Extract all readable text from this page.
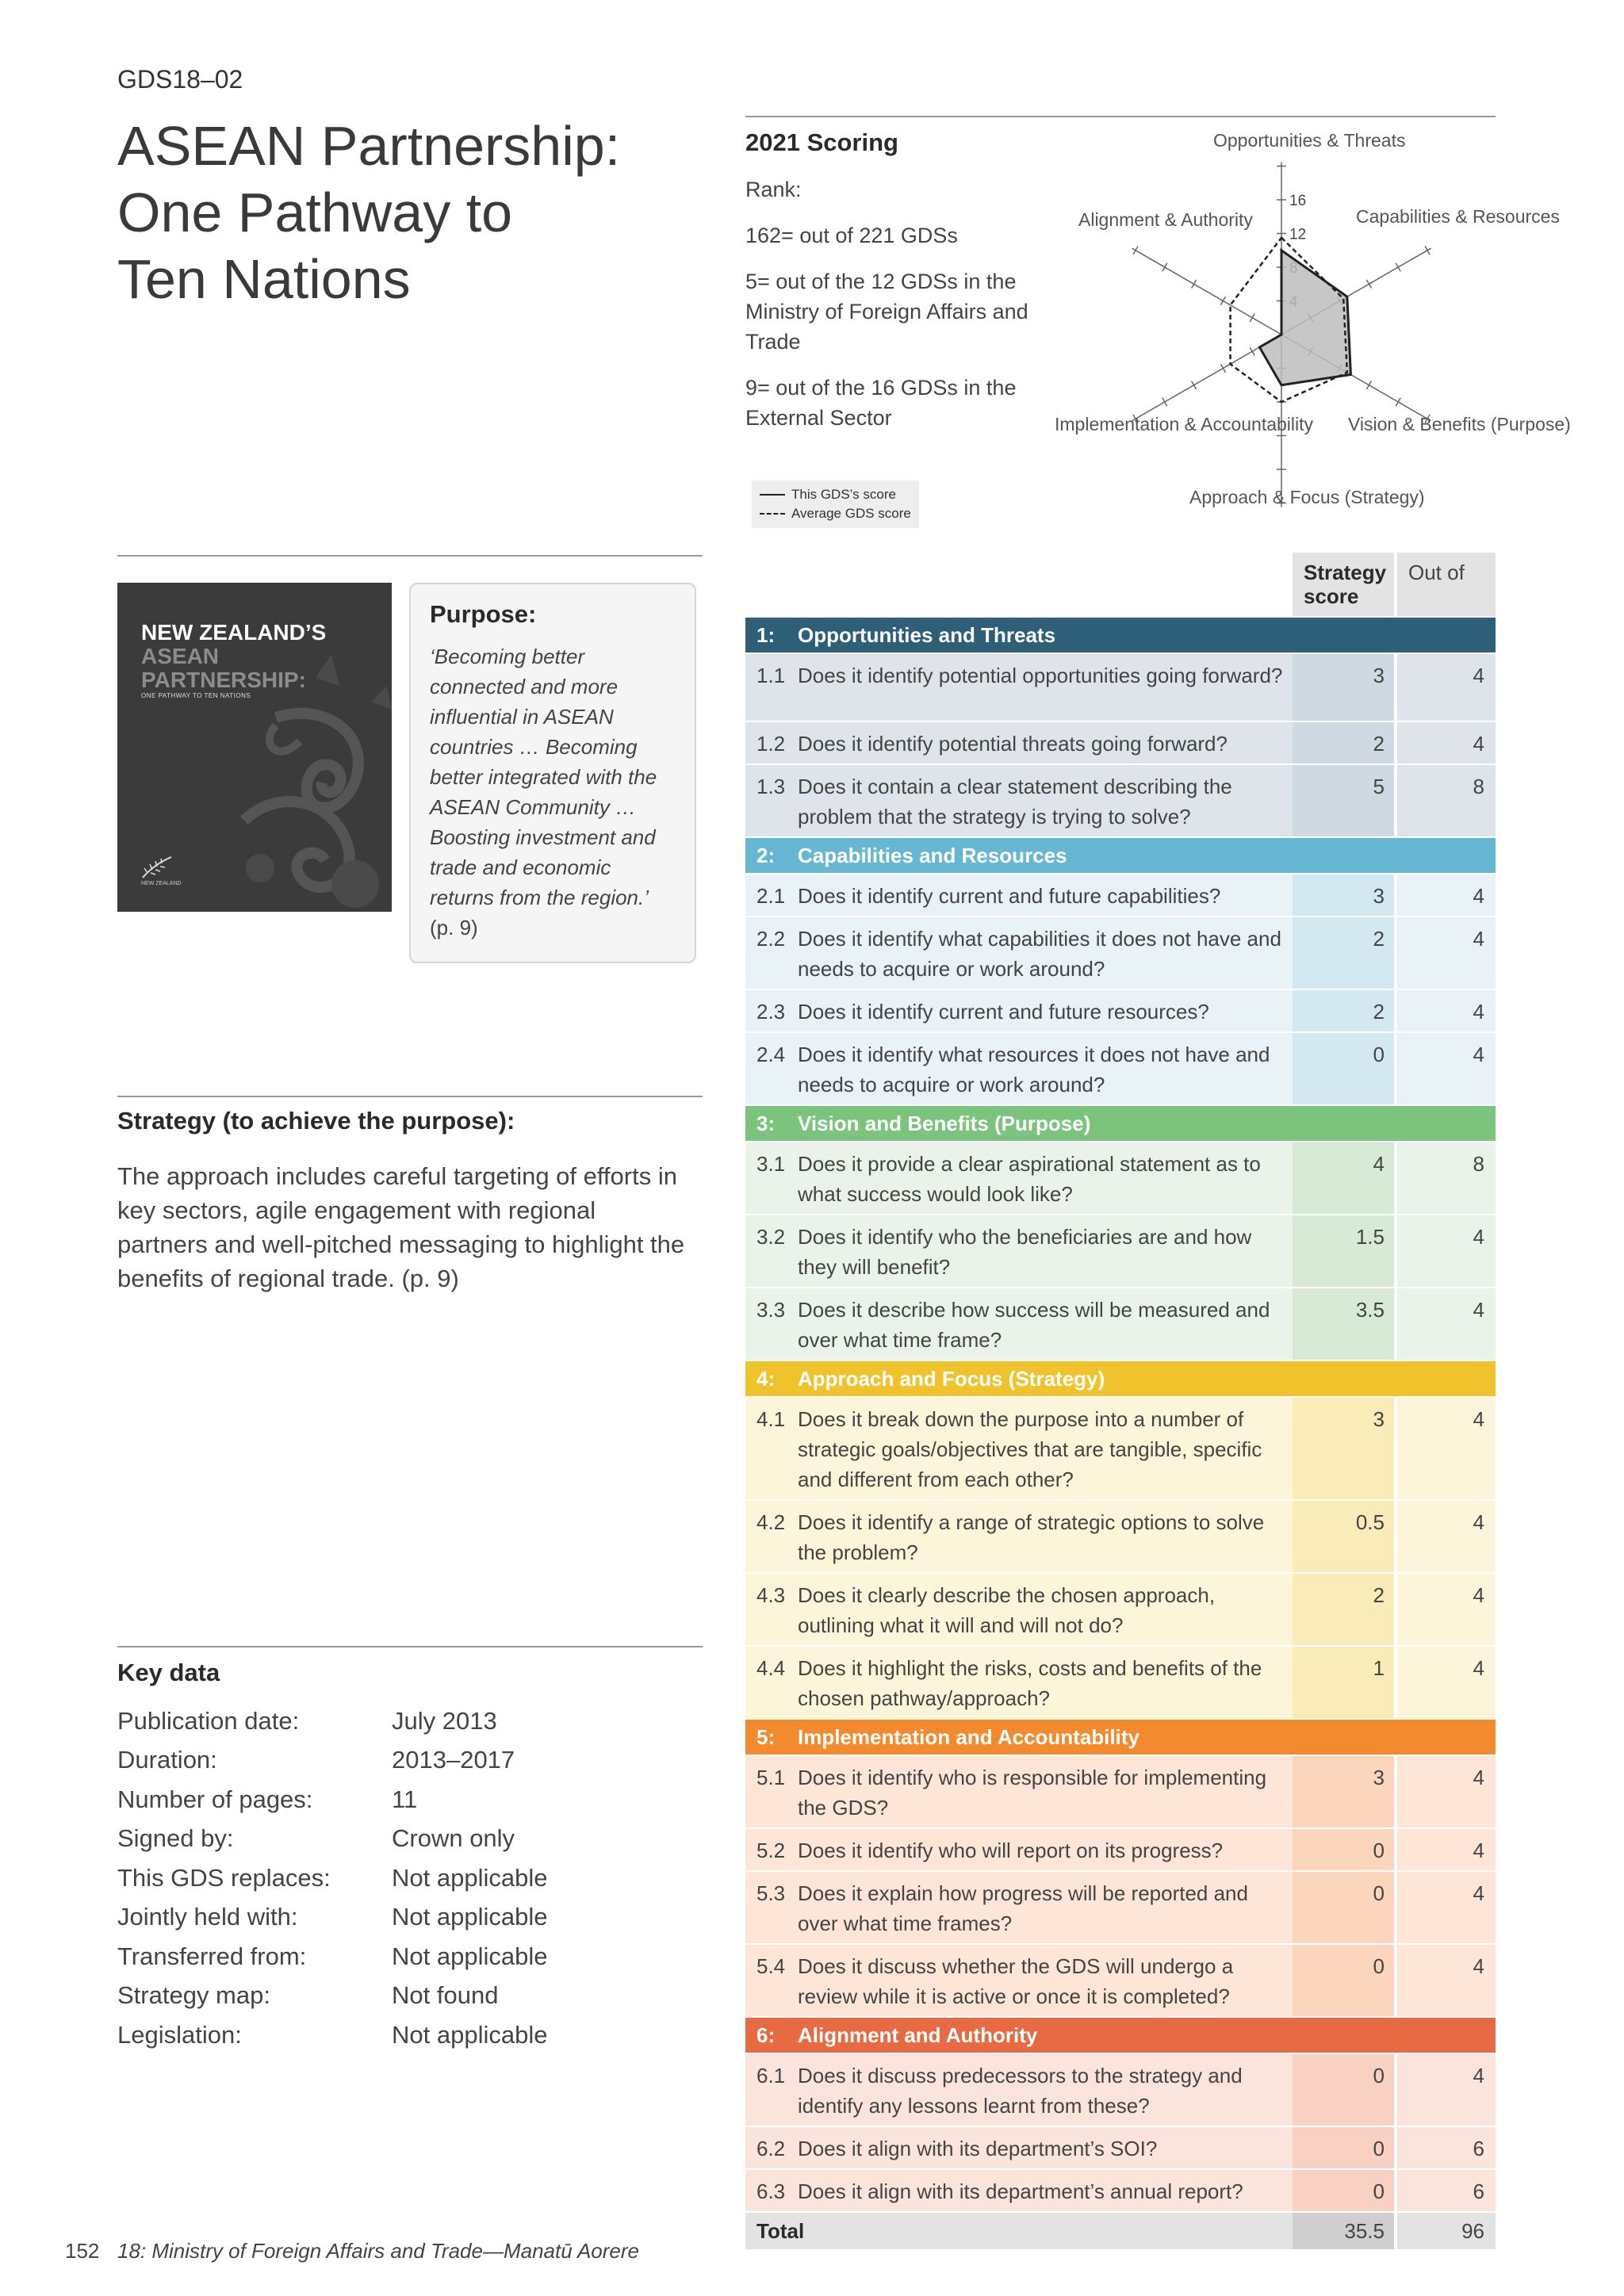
GDS18–02
ASEAN Partnership:
One Pathway to
Ten Nations
2021 Scoring

Rank:

162= out of 221 GDSs

5= out of the 12 GDSs in the Ministry of Foreign Affairs and Trade

9= out of the 16 GDSs in the External Sector

This GDS’s score
Average GDS score
16
12
Opportunities & Threats
Capabilities & Resources
Vision & Benefits (Purpose)
Approach & Focus (Strategy)
Implementation & Accountability
Alignment & Authority
NEW ZEALAND’S
ASEAN
PARTNERSHIP:
ONE PATHWAY TO TEN NATIONS
NEW ZEALAND
Purpose:
‘Becoming better connected and more influential in ASEAN countries … Becoming better integrated with the ASEAN Community … Boosting investment and trade and economic returns from the region.’
(p. 9)
Strategy (to achieve the purpose):
The approach includes careful targeting of efforts in key sectors, agile engagement with regional partners and well-pitched messaging to highlight the benefits of regional trade. (p. 9)
Key data
Publication date:	July 2013
Duration:	2013–2017
Number of pages:	11
Signed by:	Crown only
This GDS replaces:	Not applicable
Jointly held with:	Not applicable
Transferred from:	Not applicable
Strategy map:	Not found
Legislation:	Not applicable
Strategy score
Out of
1:	Opportunities and Threats
1.1 Does it identify potential opportunities going forward?	3	4
1.2 Does it identify potential threats going forward?	2	4
1.3 Does it contain a clear statement describing the problem that the strategy is trying to solve?
5	8
2:	Capabilities and Resources
2.1 Does it identify current and future capabilities?	3	4
2.2 Does it identify what capabilities it does not have and needs to acquire or work around?
2	4
2.3 Does it identify current and future resources?	2	4
2.4 Does it identify what resources it does not have and needs to acquire or work around?
0	4
3:	Vision and Benefits (Purpose)
3.1 Does it provide a clear aspirational statement as to what success would look like?
4	8
3.2 Does it identify who the beneficiaries are and how they will benefit?
1.5	4
3.3 Does it describe how success will be measured and over what time frame?
3.5	4
4:	Approach and Focus (Strategy)
4.1 Does it break down the purpose into a number of strategic goals/objectives that are tangible, specific and different from each other?
3	4
4.2 Does it identify a range of strategic options to solve the problem?
0.5	4
4.3 Does it clearly describe the chosen approach, outlining what it will and will not do?
2	4
4.4 Does it highlight the risks, costs and benefits of the chosen pathway/approach?
1	4
5:	Implementation and Accountability
5.1 Does it identify who is responsible for implementing the GDS?
3	4
5.2 Does it identify who will report on its progress?	0	4
5.3 Does it explain how progress will be reported and over what time frames?
0	4
5.4 Does it discuss whether the GDS will undergo a review while it is active or once it is completed?
0	4
6:	Alignment and Authority
6.1 Does it discuss predecessors to the strategy and identify any lessons learnt from these?
0	4
6.2 Does it align with its department’s SOI?	0	6
6.3 Does it align with its department’s annual report?	0	6
Total	35.5	96
152 18: Ministry of Foreign Affairs and Trade—Manatū Aorere
